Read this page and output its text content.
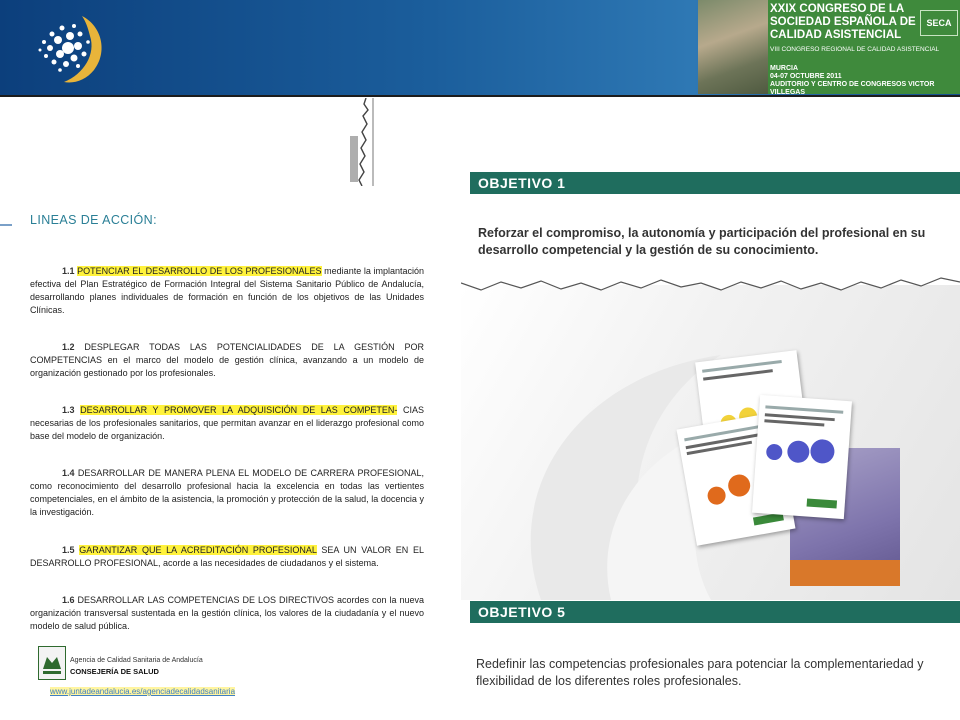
XXIX CONGRESO DE LA SOCIEDAD ESPAÑOLA DE CALIDAD ASISTENCIAL
SECA
VIII CONGRESO REGIONAL DE CALIDAD ASISTENCIAL
MURCIA
04-07 OCTUBRE 2011
AUDITORIO Y CENTRO DE CONGRESOS VICTOR VILLEGAS
LINEAS DE ACCIÓN:
1.1 POTENCIAR EL DESARROLLO DE LOS PROFESIONALES mediante la implantación efectiva del Plan Estratégico de Formación Integral del Sistema Sanitario Público de Andalucía, desarrollando planes individuales de formación en función de los objetivos de las Unidades Clínicas.
1.2 DESPLEGAR TODAS LAS POTENCIALIDADES DE LA GESTIÓN POR COMPETENCIAS en el marco del modelo de gestión clínica, avanzando a un modelo de organización gestionado por los profesionales.
1.3 DESARROLLAR Y PROMOVER LA ADQUISICIÓN DE LAS COMPETEN- CIAS necesarias de los profesionales sanitarios, que permitan avanzar en el liderazgo profesional como base del modelo de organización.
1.4 DESARROLLAR DE MANERA PLENA EL MODELO DE CARRERA PROFESIONAL, como reconocimiento del desarrollo profesional hacia la excelencia en todas las vertientes competenciales, en el ámbito de la asistencia, la promoción y protección de la salud, la docencia y la investigación.
1.5 GARANTIZAR QUE LA ACREDITACIÓN PROFESIONAL SEA UN VALOR EN EL DESARROLLO PROFESIONAL, acorde a las necesidades de ciudadanos y el sistema.
1.6 DESARROLLAR LAS COMPETENCIAS DE LOS DIRECTIVOS acordes con la nueva organización transversal sustentada en la gestión clínica, los valores de la ciudadanía y el nuevo modelo de salud pública.
OBJETIVO 1
Reforzar el compromiso, la autonomía y participación del profesional en su desarrollo competencial y la gestión de su conocimiento.
OBJETIVO 5
Redefinir las competencias profesionales para potenciar la complementariedad y flexibilidad de los diferentes roles profesionales.
Agencia de Calidad Sanitaria de Andalucía
CONSEJERÍA DE SALUD
www.juntadeandalucia.es/agenciadecalidadsanitaria
